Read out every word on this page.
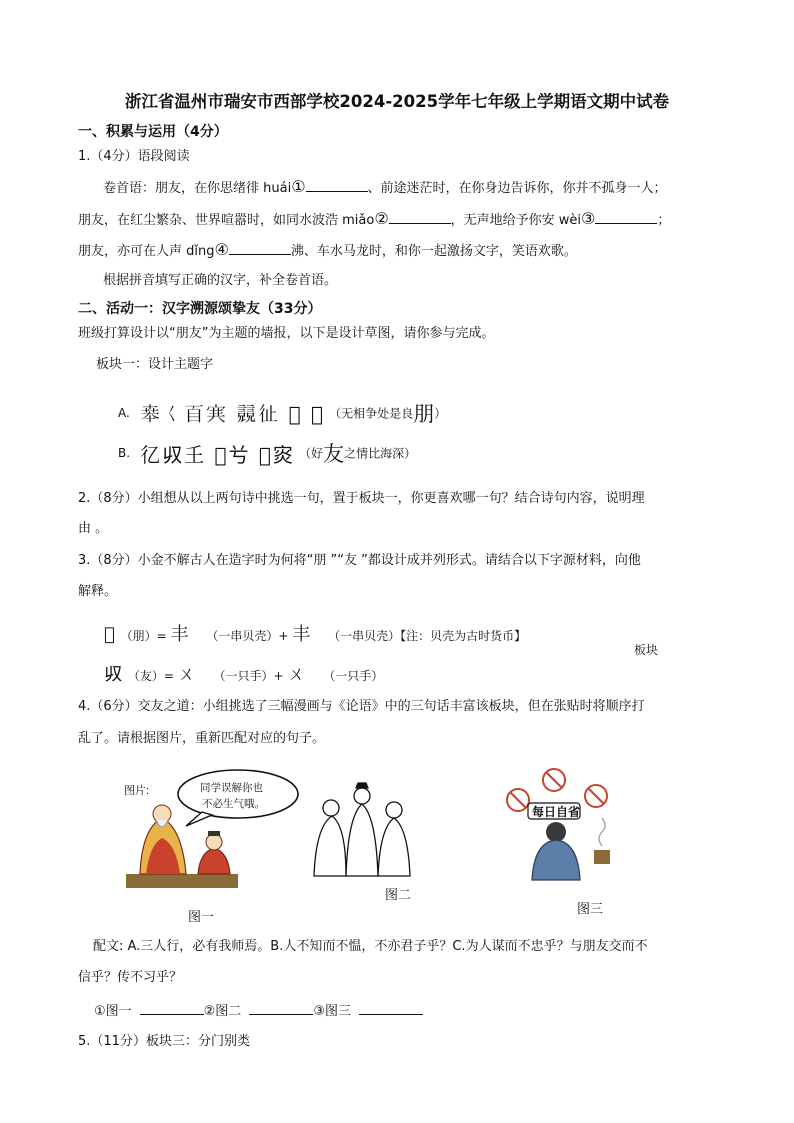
浙江省温州市瑞安市西部学校2024-2025学年七年级上学期语文期中试卷
一、积累与运用（4分）
1.（4分）语段阅读
卷首语：朋友，在你思绪徘 huái①	、前途迷茫时，在你身边告诉你，你并不孤身一人；
朋友，在红尘繁杂、世界喧嚣时，如同水波浩 miǎo②	，无声地给予你安 wèi③	；
朋友，亦可在人声 dǐng④	沸、车水马龙时，和你一起激扬文字，笑语欢歌。
根据拼音填写正确的汉字，补全卷首语。
二、活动一：汉字溯源颂挚友（33分）
班级打算设计以“朋友”为主题的墙报，以下是设计草图，请你参与完成。
板块一：设计主题字
A. 𠦪𡿨𦣻𡨄 𧫘𢓊 𠀂 𣥢 （无相争处是良朋）
B. 𢒼𠬞𡈼 𢃊𠔃 𣳀𡨼 （好友之情比海深）
2.（8分）小组想从以上两句诗中挑选一句，置于板块一，你更喜欢哪一句？结合诗句内容，说明理
由 。
3.（8分）小金不解古人在造字时为何将“朋 ”“友 ”都设计成并列形式。请结合以下字源材料，向他
解释。
𣥢 （朋）= 丰 （一串贝壳）+ 丰 （一串贝壳）【注：贝壳为古时货币】
𠬞 （友）= ㄨ （一只手）+ ㄨ （一只手）
板块
4.（6分）交友之道：小组挑选了三幅漫画与《论语》中的三句话丰富该板块，但在张贴时将顺序打
乱了。请根据图片，重新匹配对应的句子。
图片:	同学误解你也
不必生气哦。
图一
图二
每日自省
图三
配文: A.三人行，必有我师焉。B.人不知而不愠，不亦君子乎？C.为人谋而不忠乎？与朋友交而不
信乎？传不习乎？
①图一	②图二	③图三
5.（11分）板块三：分门别类
